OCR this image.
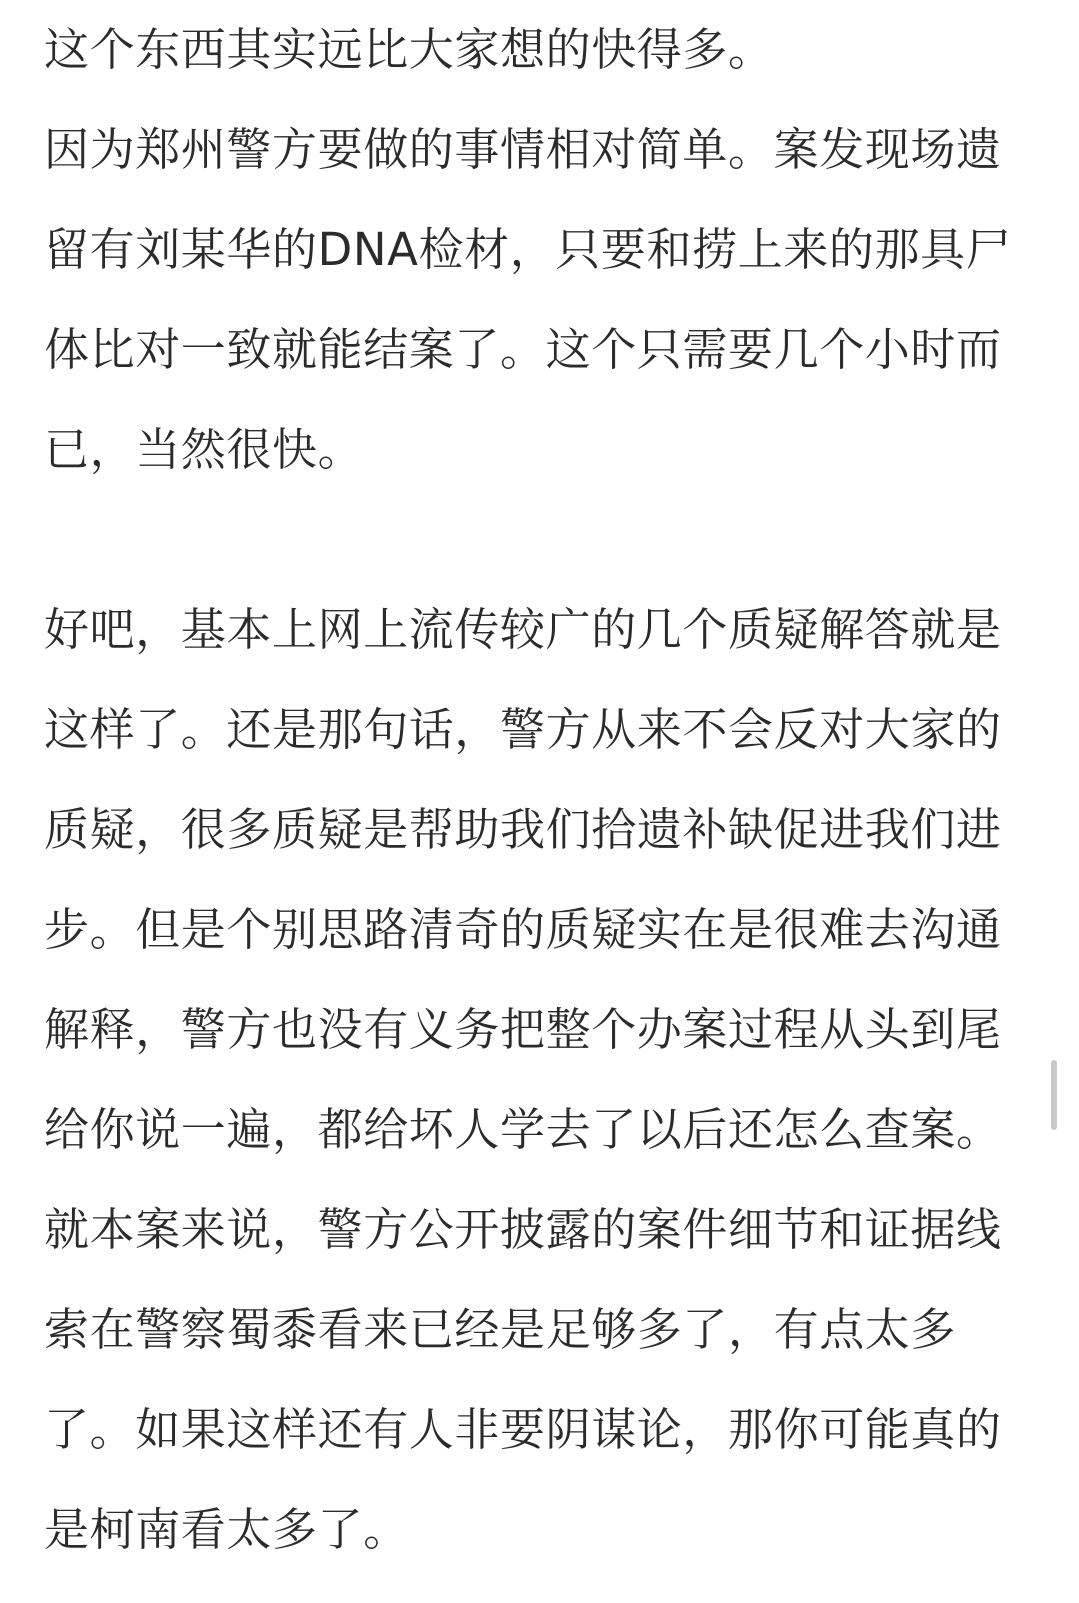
这个东西其实远比大家想的快得多。
因为郑州警方要做的事情相对简单。案发现场遗
留有刘某华的DNA检材，只要和捞上来的那具尸
体比对一致就能结案了。这个只需要几个小时而
已，当然很快。
好吧，基本上网上流传较广的几个质疑解答就是
这样了。还是那句话，警方从来不会反对大家的
质疑，很多质疑是帮助我们拾遗补缺促进我们进
步。但是个别思路清奇的质疑实在是很难去沟通
解释，警方也没有义务把整个办案过程从头到尾
给你说一遍，都给坏人学去了以后还怎么查案。
就本案来说，警方公开披露的案件细节和证据线
索在警察蜀黍看来已经是足够多了，有点太多
了。如果这样还有人非要阴谋论，那你可能真的
是柯南看太多了。
